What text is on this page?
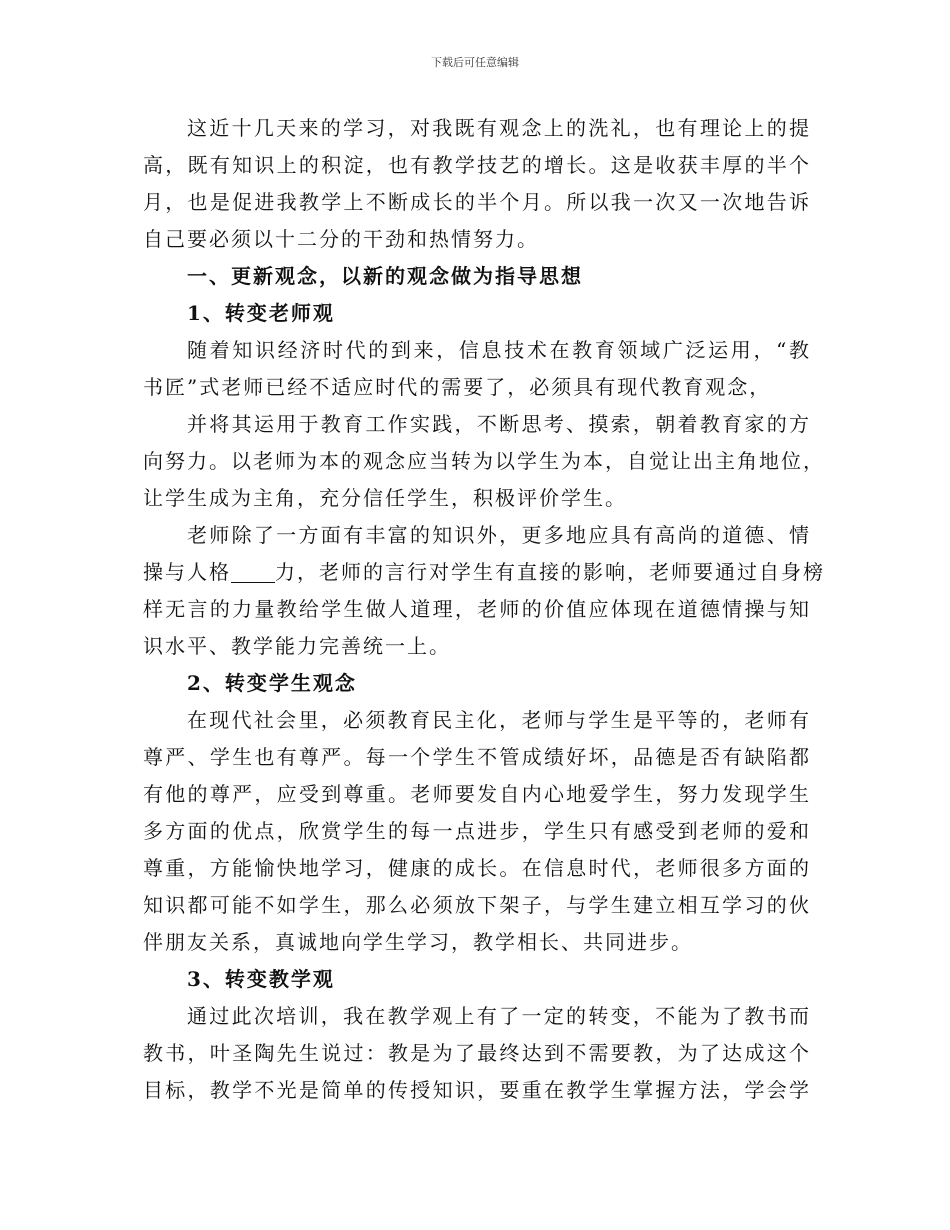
下载后可任意编辑
这近十几天来的学习，对我既有观念上的洗礼，也有理论上的提
高，既有知识上的积淀，也有教学技艺的增长。这是收获丰厚的半个
月，也是促进我教学上不断成长的半个月。所以我一次又一次地告诉
自己要必须以十二分的干劲和热情努力。
一、更新观念，以新的观念做为指导思想
1、转变老师观
随着知识经济时代的到来，信息技术在教育领域广泛运用，“教
书匠”式老师已经不适应时代的需要了，必须具有现代教育观念，
并将其运用于教育工作实践，不断思考、摸索，朝着教育家的方
向努力。以老师为本的观念应当转为以学生为本，自觉让出主角地位，
让学生成为主角，充分信任学生，积极评价学生。
老师除了一方面有丰富的知识外，更多地应具有高尚的道德、情
操与人格 力，老师的言行对学生有直接的影响，老师要通过自身榜
样无言的力量教给学生做人道理，老师的价值应体现在道德情操与知
识水平、教学能力完善统一上。
2、转变学生观念
在现代社会里，必须教育民主化，老师与学生是平等的，老师有
尊严、学生也有尊严。每一个学生不管成绩好坏，品德是否有缺陷都
有他的尊严，应受到尊重。老师要发自内心地爱学生，努力发现学生
多方面的优点，欣赏学生的每一点进步，学生只有感受到老师的爱和
尊重，方能愉快地学习，健康的成长。在信息时代，老师很多方面的
知识都可能不如学生，那么必须放下架子，与学生建立相互学习的伙
伴朋友关系，真诚地向学生学习，教学相长、共同进步。
3、转变教学观
通过此次培训，我在教学观上有了一定的转变，不能为了教书而
教书，叶圣陶先生说过：教是为了最终达到不需要教，为了达成这个
目标，教学不光是简单的传授知识，要重在教学生掌握方法，学会学
